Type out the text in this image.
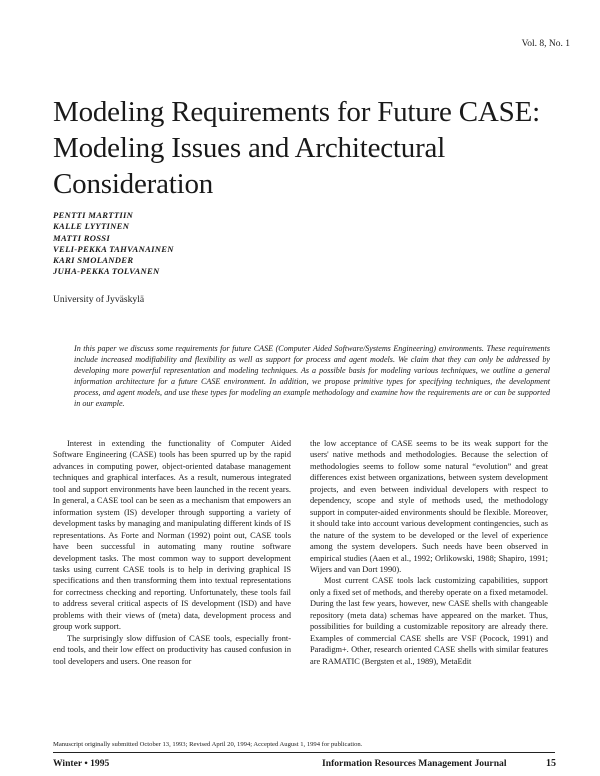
Vol. 8, No. 1
Modeling Requirements for Future CASE: Modeling Issues and Architectural Consideration
PENTTI MARTTIIN
KALLE LYYTINEN
MATTI ROSSI
VELI-PEKKA TAHVANAINEN
KARI SMOLANDER
JUHA-PEKKA TOLVANEN
University of Jyväskylä

In this paper we discuss some requirements for future CASE (Computer Aided Software/Systems Engineering) environments. These requirements include increased modifiability and flexibility as well as support for process and agent models. We claim that they can only be addressed by developing more powerful representation and modeling techniques. As a possible basis for modeling various techniques, we outline a general information architecture for a future CASE environment. In addition, we propose primitive types for specifying techniques, the development process, and agent models, and use these types for modeling an example methodology and examine how the requirements are or can be supported in our example.

Interest in extending the functionality of Computer Aided Software Engineering (CASE) tools has been spurred up by the rapid advances in computing power, object-oriented database management techniques and graphical interfaces. As a result, numerous integrated tool and support environments have been launched in the recent years. In general, a CASE tool can be seen as a mechanism that empowers an information system (IS) developer through supporting a variety of development tasks by managing and manipulating different kinds of IS representations. As Forte and Norman (1992) point out, CASE tools have been successful in automating many routine software development tasks. The most common way to support development tasks using current CASE tools is to help in deriving graphical IS specifications and then transforming them into textual representations for correctness checking and reporting. Unfortunately, these tools fail to address several critical aspects of IS development (ISD) and have problems with their views of (meta) data, development process and group work support.

The surprisingly slow diffusion of CASE tools, especially front-end tools, and their low effect on productivity has caused confusion in tool developers and users. One reason for

the low acceptance of CASE seems to be its weak support for the users' native methods and methodologies. Because the selection of methodologies seems to follow some natural “evolution” and great differences exist between organizations, between system development projects, and even between individual developers with respect to dependency, scope and style of methods used, the methodology support in computer-aided environments should be flexible. Moreover, it should take into account various development contingencies, such as the nature of the system to be developed or the level of experience among the system developers. Such needs have been observed in empirical studies (Aaen et al., 1992; Orlikowski, 1988; Shapiro, 1991; Wijers and van Dort 1990).

Most current CASE tools lack customizing capabilities, support only a fixed set of methods, and thereby operate on a fixed metamodel. During the last few years, however, new CASE shells with changeable repository (meta data) schemas have appeared on the market. Thus, possibilities for building a customizable repository are already there. Examples of commercial CASE shells are VSF (Pocock, 1991) and Paradigm+. Other, research oriented CASE shells with similar features are RAMATIC (Bergsten et al., 1989), MetaEdit

Manuscript originally submitted October 13, 1993; Revised April 20, 1994; Accepted August 1, 1994 for publication.
Winter • 1995	Information Resources Management Journal	15
